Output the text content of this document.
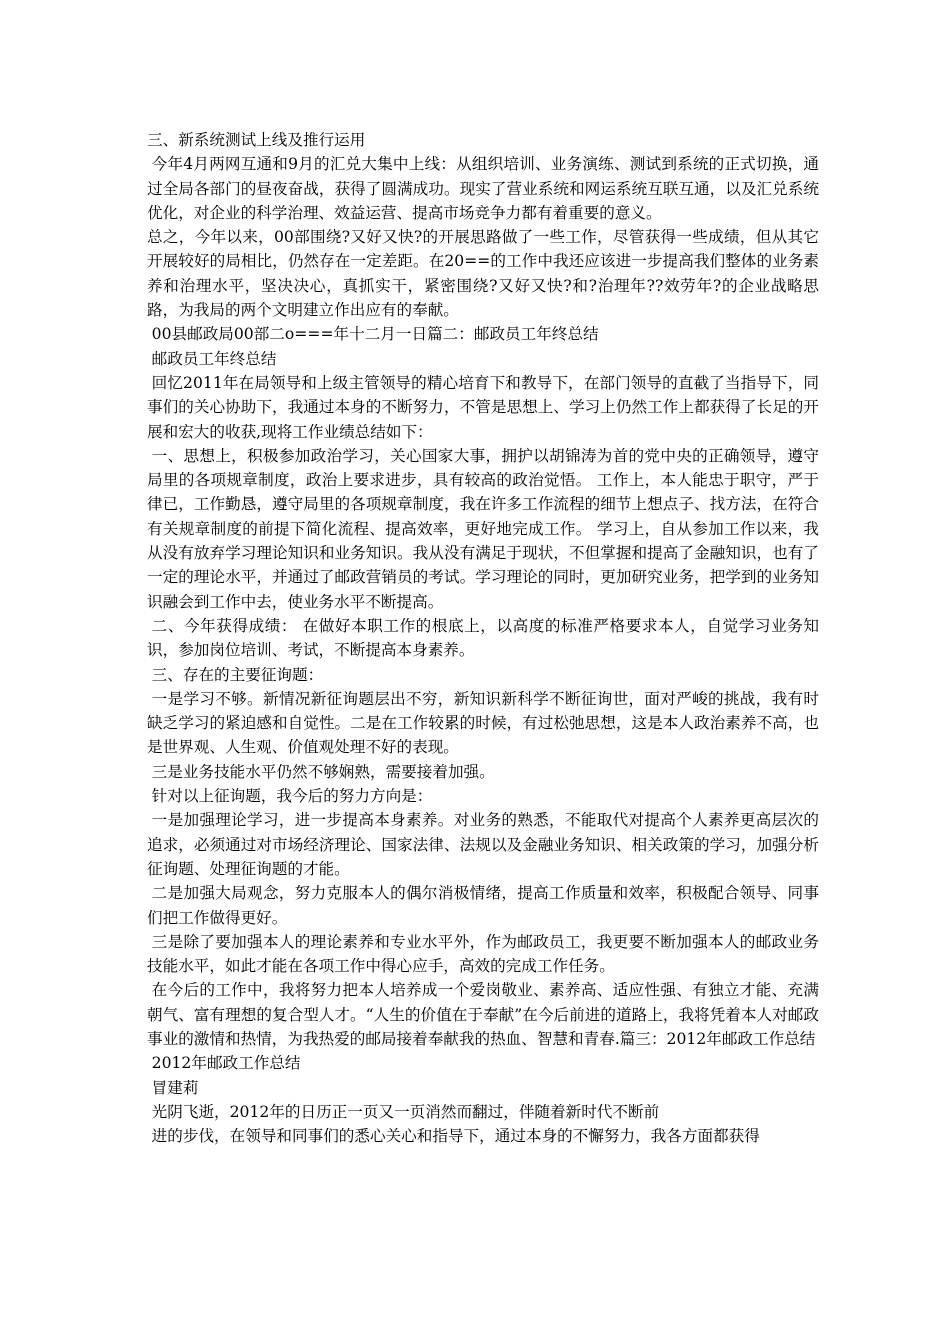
三、新系统测试上线及推行运用

今年4月两网互通和9月的汇兑大集中上线：从组织培训、业务演练、测试到系统的正式切换，通过全局各部门的昼夜奋战，获得了圆满成功。现实了营业系统和网运系统互联互通，以及汇兑系统优化，对企业的科学治理、效益运营、提高市场竞争力都有着重要的意义。

总之，今年以来，00部围绕?又好又快?的开展思路做了一些工作，尽管获得一些成绩，但从其它开展较好的局相比，仍然存在一定差距。在20==的工作中我还应该进一步提高我们整体的业务素养和治理水平，坚决决心，真抓实干，紧密围绕?又好又快?和?治理年??效劳年?的企业战略思路，为我局的两个文明建立作出应有的奉献。

00县邮政局00部二o===年十二月一日篇二：邮政员工年终总结

邮政员工年终总结

回忆2011年在局领导和上级主管领导的精心培育下和教导下，在部门领导的直截了当指导下，同事们的关心协助下，我通过本身的不断努力，不管是思想上、学习上仍然工作上都获得了长足的开展和宏大的收获,现将工作业绩总结如下：

一、思想上，积极参加政治学习，关心国家大事，拥护以胡锦涛为首的党中央的正确领导，遵守局里的各项规章制度，政治上要求进步，具有较高的政治觉悟。 工作上，本人能忠于职守，严于律已，工作勤恳，遵守局里的各项规章制度，我在许多工作流程的细节上想点子、找方法，在符合有关规章制度的前提下简化流程、提高效率，更好地完成工作。 学习上，自从参加工作以来，我从没有放弃学习理论知识和业务知识。我从没有满足于现状，不但掌握和提高了金融知识，也有了一定的理论水平，并通过了邮政营销员的考试。学习理论的同时，更加研究业务，把学到的业务知识融会到工作中去，使业务水平不断提高。

二、今年获得成绩： 在做好本职工作的根底上，以高度的标准严格要求本人，自觉学习业务知识，参加岗位培训、考试，不断提高本身素养。

三、存在的主要征询题：

一是学习不够。新情况新征询题层出不穷，新知识新科学不断征询世，面对严峻的挑战，我有时缺乏学习的紧迫感和自觉性。二是在工作较累的时候，有过松弛思想，这是本人政治素养不高，也是世界观、人生观、价值观处理不好的表现。

三是业务技能水平仍然不够娴熟，需要接着加强。

针对以上征询题，我今后的努力方向是：

一是加强理论学习，进一步提高本身素养。对业务的熟悉，不能取代对提高个人素养更高层次的追求，必须通过对市场经济理论、国家法律、法规以及金融业务知识、相关政策的学习，加强分析征询题、处理征询题的才能。

二是加强大局观念，努力克服本人的偶尔消极情绪，提高工作质量和效率，积极配合领导、同事们把工作做得更好。

三是除了要加强本人的理论素养和专业水平外，作为邮政员工，我更要不断加强本人的邮政业务技能水平，如此才能在各项工作中得心应手，高效的完成工作任务。

在今后的工作中，我将努力把本人培养成一个爱岗敬业、素养高、适应性强、有独立才能、充满朝气、富有理想的复合型人才。“人生的价值在于奉献”在今后前进的道路上，我将凭着本人对邮政事业的激情和热情，为我热爱的邮局接着奉献我的热血、智慧和青春.篇三：2012年邮政工作总结

2012年邮政工作总结

冒建莉

光阴飞逝，2012年的日历正一页又一页消然而翻过，伴随着新时代不断前

进的步伐，在领导和同事们的悉心关心和指导下，通过本身的不懈努力，我各方面都获得
